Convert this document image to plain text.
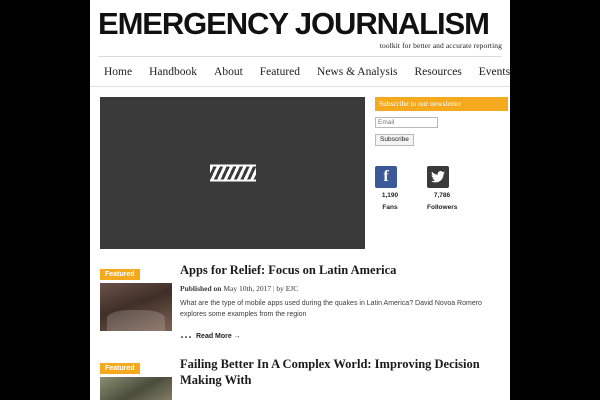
EMERGENCY JOURNALISM
toolkit for better and accurate reporting
Home Handbook About Featured News & Analysis Resources Events
Subscribe to our newsletter
Email Subscribe
f
1,190
Fans
7,786
Followers
Featured	Apps for Relief: Focus on Latin America
Published on May 10th, 2017 | by EJC

What are the type of mobile apps used during the quakes in Latin America? David Novoa Romero explores some examples from the region

... Read More →
Featured	Failing Better In A Complex World: Improving Decision Making With
